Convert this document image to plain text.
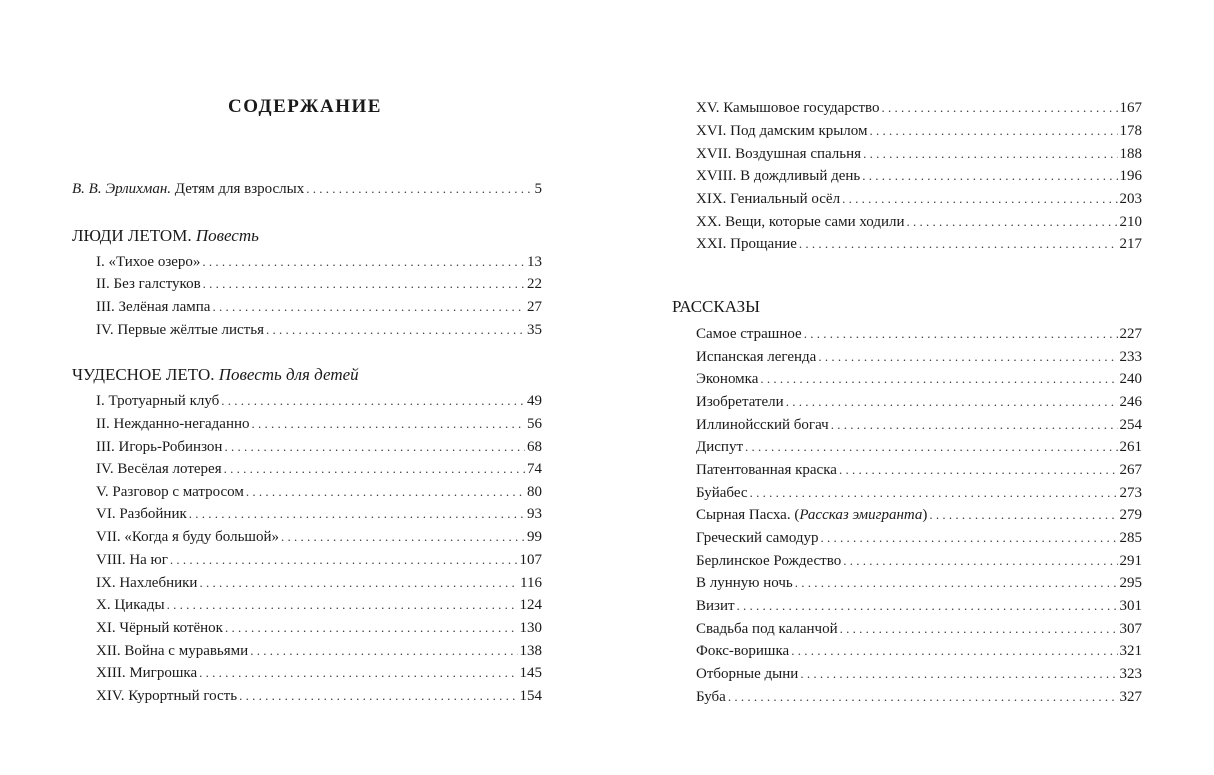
СОДЕРЖАНИЕ
В. В. Эрлихман. Детям для взрослых . . .	5
ЛЮДИ ЛЕТОМ. Повесть
I. «Тихое озеро» . . .	13
II. Без галстуков . . .	22
III. Зелёная лампа . . .	27
IV. Первые жёлтые листья . . .	35
ЧУДЕСНОЕ ЛЕТО. Повесть для детей
I. Тротуарный клуб . . .	49
II. Нежданно-негаданно . . .	56
III. Игорь-Робинзон . . .	68
IV. Весёлая лотерея . . .	74
V. Разговор с матросом . . .	80
VI. Разбойник . . .	93
VII. «Когда я буду большой» . . .	99
VIII. На юг . . .	107
IX. Нахлебники . . .	116
X. Цикады . . .	124
XI. Чёрный котёнок . . .	130
XII. Война с муравьями . . .	138
XIII. Мигрошка . . .	145
XIV. Курортный гость . . .	154
XV. Камышовое государство . . .	167
XVI. Под дамским крылом . . .	178
XVII. Воздушная спальня . . .	188
XVIII. В дождливый день . . .	196
XIX. Гениальный осёл . . .	203
XX. Вещи, которые сами ходили . . .	210
XXI. Прощание . . .	217
РАССКАЗЫ
Самое страшное . . .	227
Испанская легенда . . .	233
Экономка . . .	240
Изобретатели . . .	246
Иллинойсский богач . . .	254
Диспут . . .	261
Патентованная краска . . .	267
Буйабес . . .	273
Сырная Пасха. (Рассказ эмигранта) . . .	279
Греческий самодур . . .	285
Берлинское Рождество . . .	291
В лунную ночь . . .	295
Визит . . .	301
Свадьба под каланчой . . .	307
Фокс-воришка . . .	321
Отборные дыни . . .	323
Буба . . .	327
